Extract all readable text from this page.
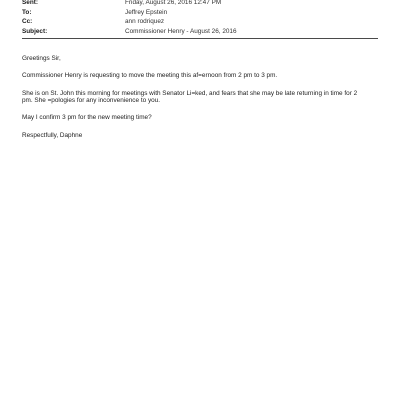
Sent:	Friday, August 26, 2016 12:47 PM
To:	Jeffrey Epstein
Cc:	ann rodriquez
Subject:	Commissioner Henry - August 26, 2016

Greetings Sir,

Commissioner Henry is requesting to move the meeting this af=ernoon from 2 pm to 3 pm.

She is on St. John this morning for meetings with Senator Li=ked, and fears that she may be late returning in time for 2

pm. She =pologies for any inconvenience to you.

May I confirm 3 pm for the new meeting time?

Respectfully, Daphne
